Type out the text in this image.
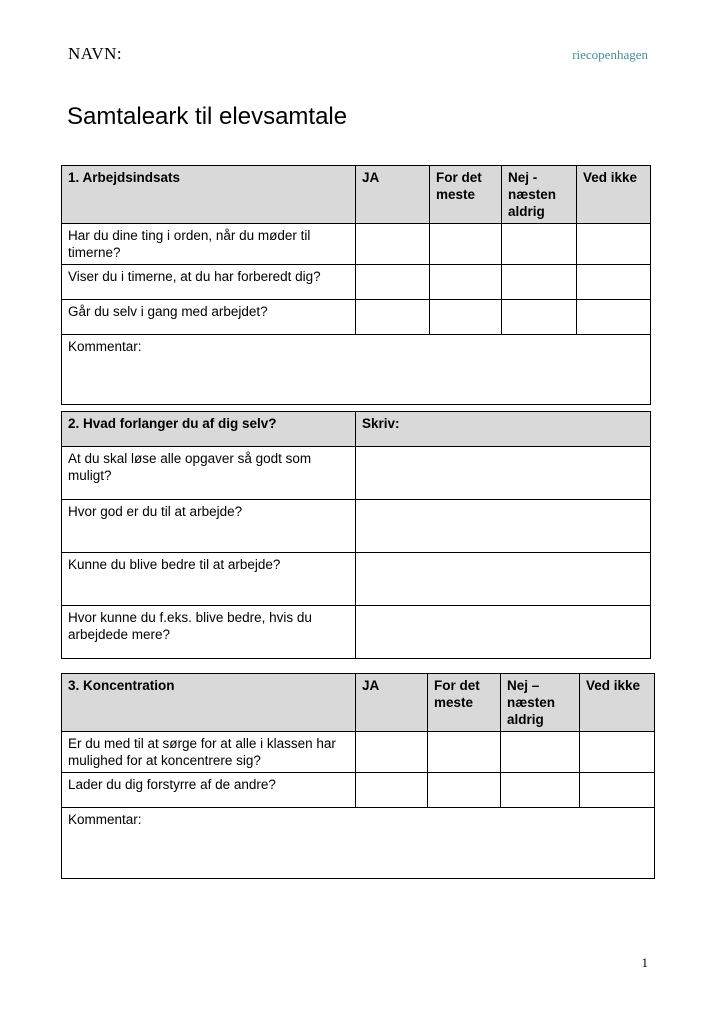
NAVN:	riecopenhagen
Samtaleark til elevsamtale
1. Arbejdsindsats	JA	For det meste	Nej - næsten aldrig	Ved ikke
Har du dine ting i orden, når du møder til timerne?				
Viser du i timerne, at du har forberedt dig?				
Går du selv i gang med arbejdet?				
Kommentar:				
2. Hvad forlanger du af dig selv?	Skriv:
At du skal løse alle opgaver så godt som muligt?	
Hvor god er du til at arbejde?	
Kunne du blive bedre til at arbejde?	
Hvor kunne du f.eks. blive bedre, hvis du arbejdede mere?	
3. Koncentration	JA	For det meste	Nej – næsten aldrig	Ved ikke
Er du med til at sørge for at alle i klassen har mulighed for at koncentrere sig?				
Lader du dig forstyrre af de andre?				
Kommentar:				
1
